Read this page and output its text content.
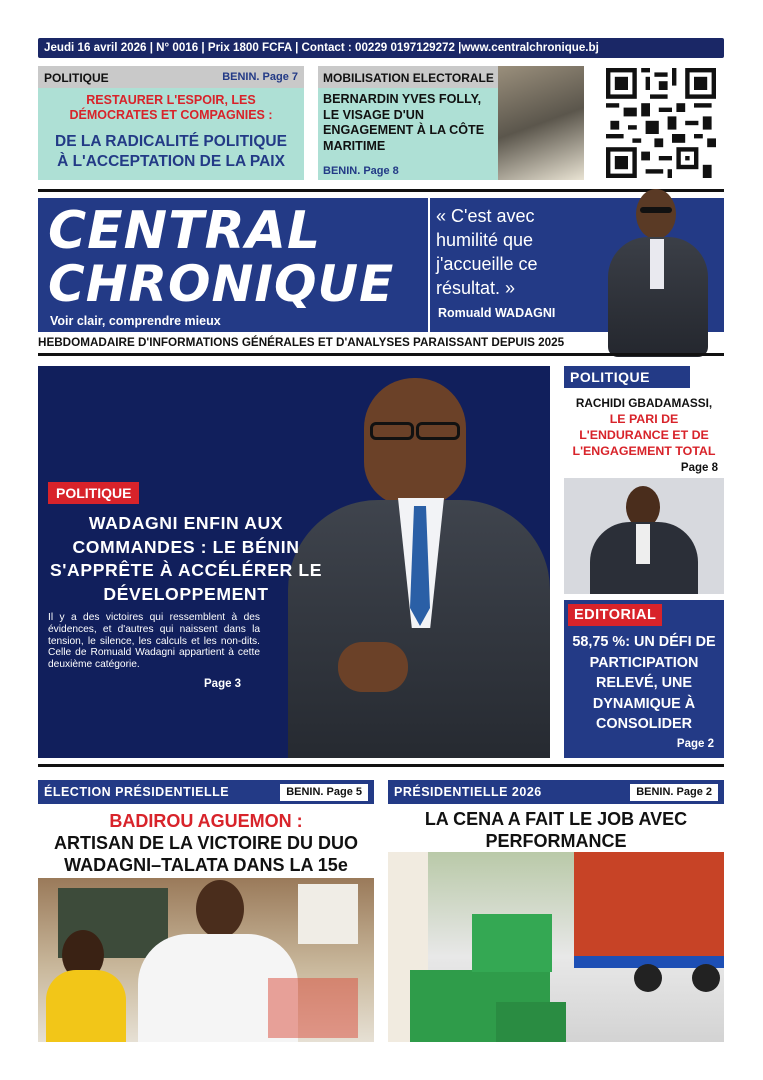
Jeudi 16 avril 2026 | N° 0016 | Prix 1800 FCFA | Contact : 00229 0197129272 |www.centralchronique.bj
POLITIQUE	BENIN. Page 7
RESTAURER L'ESPOIR, LES DÉMOCRATES ET COMPAGNIES :
DE LA RADICALITÉ POLITIQUE À L'ACCEPTATION DE LA PAIX
MOBILISATION ELECTORALE
BERNARDIN YVES FOLLY, LE VISAGE D'UN ENGAGEMENT À LA CÔTE MARITIME
BENIN. Page 8
CENTRAL
CHRONIQUE
Voir clair, comprendre mieux
« C'est avec humilité que j'accueille ce résultat. »
Romuald WADAGNI
HEBDOMADAIRE D'INFORMATIONS GÉNÉRALES ET D'ANALYSES PARAISSANT DEPUIS 2025
POLITIQUE
WADAGNI ENFIN AUX COMMANDES : LE BÉNIN S'APPRÊTE À ACCÉLÉRER LE DÉVELOPPEMENT
Il y a des victoires qui ressemblent à des évidences, et d'autres qui naissent dans la tension, le silence, les calculs et les non-dits. Celle de Romuald Wadagni appartient à cette deuxième catégorie.
Page 3
POLITIQUE
RACHIDI GBADAMASSI,
LE PARI DE L'ENDURANCE ET DE L'ENGAGEMENT TOTAL
Page 8
EDITORIAL
58,75 %: UN DÉFI DE PARTICIPATION RELEVÉ, UNE DYNAMIQUE À CONSOLIDER
Page 2
ÉLECTION PRÉSIDENTIELLE	BENIN. Page 5
BADIROU AGUEMON :
ARTISAN DE LA VICTOIRE DU DUO WADAGNI–TALATA DANS LA 15e
PRÉSIDENTIELLE 2026	BENIN. Page 2
LA CENA A FAIT LE JOB AVEC PERFORMANCE
